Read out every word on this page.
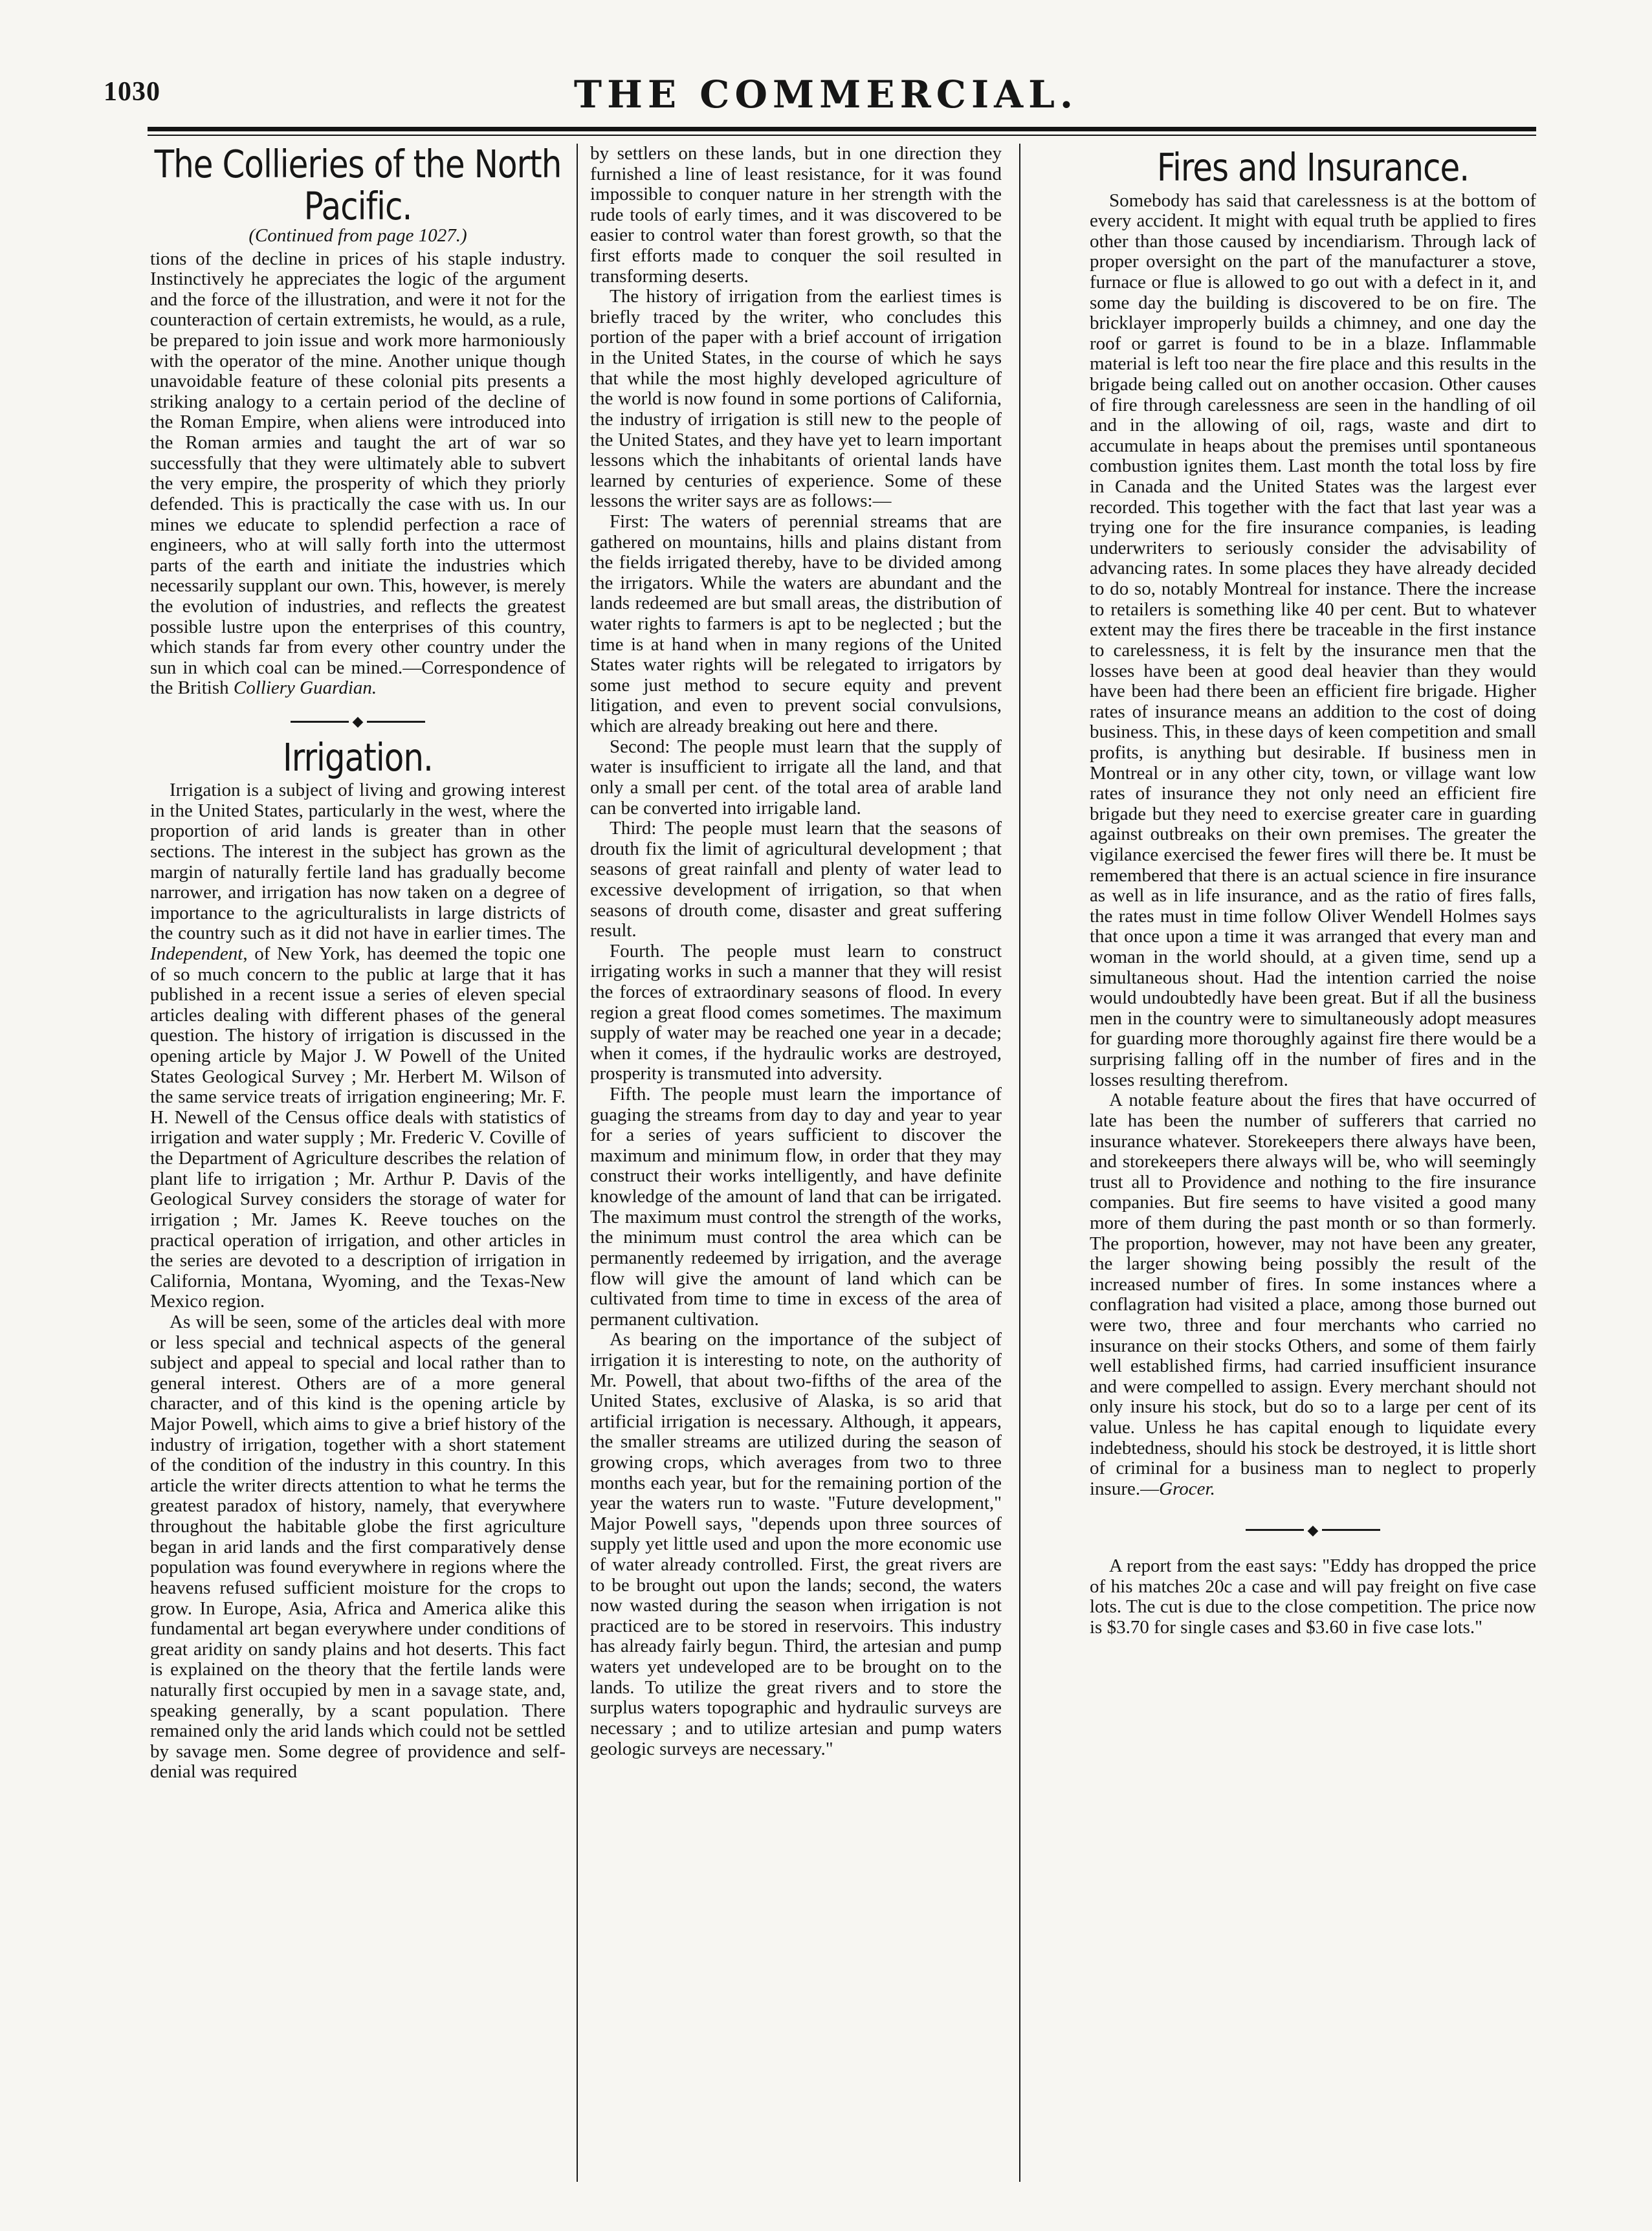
1030	THE COMMERCIAL.
The Collieries of the North Pacific.
(Continued from page 1027.)

tions of the decline in prices of his staple industry. Instinctively he appreciates the logic of the argument and the force of the illustration, and were it not for the counteraction of certain extremists, he would, as a rule, be prepared to join issue and work more harmoniously with the operator of the mine. Another unique though unavoidable feature of these colonial pits presents a striking analogy to a certain period of the decline of the Roman Empire, when aliens were introduced into the Roman armies and taught the art of war so successfully that they were ultimately able to subvert the very empire, the prosperity of which they priorly defended. This is practically the case with us. In our mines we educate to splendid perfection a race of engineers, who at will sally forth into the uttermost parts of the earth and initiate the industries which necessarily supplant our own. This, however, is merely the evolution of industries, and reflects the greatest possible lustre upon the enterprises of this country, which stands far from every other country under the sun in which coal can be mined.—Correspondence of the British Colliery Guardian.

◆
Irrigation.

Irrigation is a subject of living and growing interest in the United States, particularly in the west, where the proportion of arid lands is greater than in other sections. The interest in the subject has grown as the margin of naturally fertile land has gradually become narrower, and irrigation has now taken on a degree of importance to the agriculturalists in large districts of the country such as it did not have in earlier times. The Independent, of New York, has deemed the topic one of so much concern to the public at large that it has published in a recent issue a series of eleven special articles dealing with different phases of the general question. The history of irrigation is discussed in the opening article by Major J. W Powell of the United States Geological Survey ; Mr. Herbert M. Wilson of the same service treats of irrigation engineering; Mr. F. H. Newell of the Census office deals with statistics of irrigation and water supply ; Mr. Frederic V. Coville of the Department of Agriculture describes the relation of plant life to irrigation ; Mr. Arthur P. Davis of the Geological Survey considers the storage of water for irrigation ; Mr. James K. Reeve touches on the practical operation of irrigation, and other articles in the series are devoted to a description of irrigation in California, Montana, Wyoming, and the Texas-New Mexico region.

As will be seen, some of the articles deal with more or less special and technical aspects of the general subject and appeal to special and local rather than to general interest. Others are of a more general character, and of this kind is the opening article by Major Powell, which aims to give a brief history of the industry of irrigation, together with a short statement of the condition of the industry in this country. In this article the writer directs attention to what he terms the greatest paradox of history, namely, that everywhere throughout the habitable globe the first agriculture began in arid lands and the first comparatively dense population was found everywhere in regions where the heavens refused sufficient moisture for the crops to grow. In Europe, Asia, Africa and America alike this fundamental art began everywhere under conditions of great aridity on sandy plains and hot deserts. This fact is explained on the theory that the fertile lands were naturally first occupied by men in a savage state, and, speaking generally, by a scant population. There remained only the arid lands which could not be settled by savage men. Some degree of providence and self-denial was required

by settlers on these lands, but in one direction they furnished a line of least resistance, for it was found impossible to conquer nature in her strength with the rude tools of early times, and it was discovered to be easier to control water than forest growth, so that the first efforts made to conquer the soil resulted in transforming deserts.

The history of irrigation from the earliest times is briefly traced by the writer, who concludes this portion of the paper with a brief account of irrigation in the United States, in the course of which he says that while the most highly developed agriculture of the world is now found in some portions of California, the industry of irrigation is still new to the people of the United States, and they have yet to learn important lessons which the inhabitants of oriental lands have learned by centuries of experience. Some of these lessons the writer says are as follows:—

First: The waters of perennial streams that are gathered on mountains, hills and plains distant from the fields irrigated thereby, have to be divided among the irrigators. While the waters are abundant and the lands redeemed are but small areas, the distribution of water rights to farmers is apt to be neglected ; but the time is at hand when in many regions of the United States water rights will be relegated to irrigators by some just method to secure equity and prevent litigation, and even to prevent social convulsions, which are already breaking out here and there.

Second: The people must learn that the supply of water is insufficient to irrigate all the land, and that only a small per cent. of the total area of arable land can be converted into irrigable land.

Third: The people must learn that the seasons of drouth fix the limit of agricultural development ; that seasons of great rainfall and plenty of water lead to excessive development of irrigation, so that when seasons of drouth come, disaster and great suffering result.

Fourth. The people must learn to construct irrigating works in such a manner that they will resist the forces of extraordinary seasons of flood. In every region a great flood comes sometimes. The maximum supply of water may be reached one year in a decade; when it comes, if the hydraulic works are destroyed, prosperity is transmuted into adversity.

Fifth. The people must learn the importance of guaging the streams from day to day and year to year for a series of years sufficient to discover the maximum and minimum flow, in order that they may construct their works intelligently, and have definite knowledge of the amount of land that can be irrigated. The maximum must control the strength of the works, the minimum must control the area which can be permanently redeemed by irrigation, and the average flow will give the amount of land which can be cultivated from time to time in excess of the area of permanent cultivation.

As bearing on the importance of the subject of irrigation it is interesting to note, on the authority of Mr. Powell, that about two-fifths of the area of the United States, exclusive of Alaska, is so arid that artificial irrigation is necessary. Although, it appears, the smaller streams are utilized during the season of growing crops, which averages from two to three months each year, but for the remaining portion of the year the waters run to waste. "Future development," Major Powell says, "depends upon three sources of supply yet little used and upon the more economic use of water already controlled. First, the great rivers are to be brought out upon the lands; second, the waters now wasted during the season when irrigation is not practiced are to be stored in reservoirs. This industry has already fairly begun. Third, the artesian and pump waters yet undeveloped are to be brought on to the lands. To utilize the great rivers and to store the surplus waters topographic and hydraulic surveys are necessary ; and to utilize artesian and pump waters geologic surveys are necessary."

Fires and Insurance.

Somebody has said that carelessness is at the bottom of every accident. It might with equal truth be applied to fires other than those caused by incendiarism. Through lack of proper oversight on the part of the manufacturer a stove, furnace or flue is allowed to go out with a defect in it, and some day the building is discovered to be on fire. The bricklayer improperly builds a chimney, and one day the roof or garret is found to be in a blaze. Inflammable material is left too near the fire place and this results in the brigade being called out on another occasion. Other causes of fire through carelessness are seen in the handling of oil and in the allowing of oil, rags, waste and dirt to accumulate in heaps about the premises until spontaneous combustion ignites them. Last month the total loss by fire in Canada and the United States was the largest ever recorded. This together with the fact that last year was a trying one for the fire insurance companies, is leading underwriters to seriously consider the advisability of advancing rates. In some places they have already decided to do so, notably Montreal for instance. There the increase to retailers is something like 40 per cent. But to whatever extent may the fires there be traceable in the first instance to carelessness, it is felt by the insurance men that the losses have been at good deal heavier than they would have been had there been an efficient fire brigade. Higher rates of insurance means an addition to the cost of doing business. This, in these days of keen competition and small profits, is anything but desirable. If business men in Montreal or in any other city, town, or village want low rates of insurance they not only need an efficient fire brigade but they need to exercise greater care in guarding against outbreaks on their own premises. The greater the vigilance exercised the fewer fires will there be. It must be remembered that there is an actual science in fire insurance as well as in life insurance, and as the ratio of fires falls, the rates must in time follow Oliver Wendell Holmes says that once upon a time it was arranged that every man and woman in the world should, at a given time, send up a simultaneous shout. Had the intention carried the noise would undoubtedly have been great. But if all the business men in the country were to simultaneously adopt measures for guarding more thoroughly against fire there would be a surprising falling off in the number of fires and in the losses resulting therefrom.

A notable feature about the fires that have occurred of late has been the number of sufferers that carried no insurance whatever. Storekeepers there always have been, and storekeepers there always will be, who will seemingly trust all to Providence and nothing to the fire insurance companies. But fire seems to have visited a good many more of them during the past month or so than formerly. The proportion, however, may not have been any greater, the larger showing being possibly the result of the increased number of fires. In some instances where a conflagration had visited a place, among those burned out were two, three and four merchants who carried no insurance on their stocks Others, and some of them fairly well established firms, had carried insufficient insurance and were compelled to assign. Every merchant should not only insure his stock, but do so to a large per cent of its value. Unless he has capital enough to liquidate every indebtedness, should his stock be destroyed, it is little short of criminal for a business man to neglect to properly insure.—Grocer.

◆

A report from the east says: "Eddy has dropped the price of his matches 20c a case and will pay freight on five case lots. The cut is due to the close competition. The price now is $3.70 for single cases and $3.60 in five case lots."
